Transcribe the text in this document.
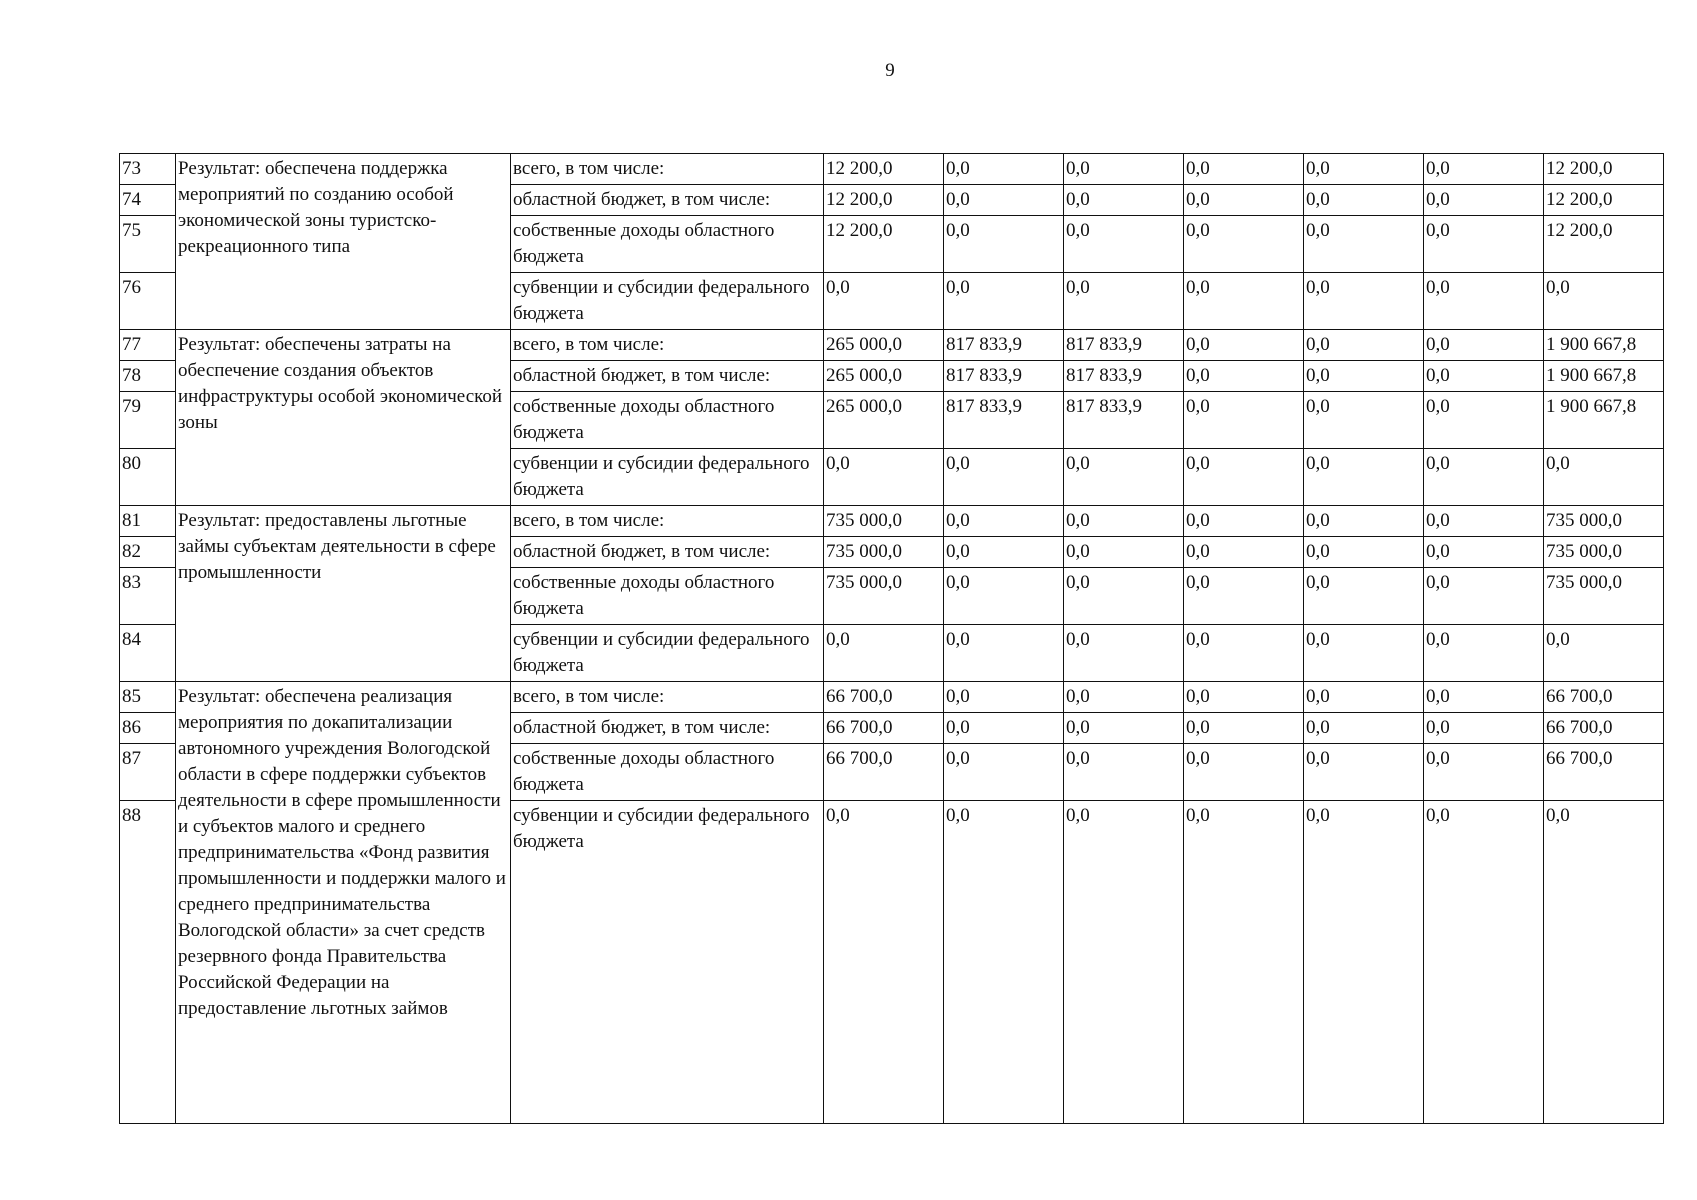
9
73	Результат: обеспечена поддержка мероприятий по созданию особой экономической зоны туристско-рекреационного типа	всего, в том числе:	12 200,0	0,0	0,0	0,0	0,0	0,0	12 200,0
74		областной бюджет, в том числе:	12 200,0	0,0	0,0	0,0	0,0	0,0	12 200,0
75		собственные доходы областного бюджета	12 200,0	0,0	0,0	0,0	0,0	0,0	12 200,0
76		субвенции и субсидии федерального бюджета	0,0	0,0	0,0	0,0	0,0	0,0	0,0
77	Результат: обеспечены затраты на обеспечение создания объектов инфраструктуры особой экономической зоны	всего, в том числе:	265 000,0	817 833,9	817 833,9	0,0	0,0	0,0	1 900 667,8
78		областной бюджет, в том числе:	265 000,0	817 833,9	817 833,9	0,0	0,0	0,0	1 900 667,8
79		собственные доходы областного бюджета	265 000,0	817 833,9	817 833,9	0,0	0,0	0,0	1 900 667,8
80		субвенции и субсидии федерального бюджета	0,0	0,0	0,0	0,0	0,0	0,0	0,0
81	Результат: предоставлены льготные займы субъектам деятельности в сфере промышленности	всего, в том числе:	735 000,0	0,0	0,0	0,0	0,0	0,0	735 000,0
82		областной бюджет, в том числе:	735 000,0	0,0	0,0	0,0	0,0	0,0	735 000,0
83		собственные доходы областного бюджета	735 000,0	0,0	0,0	0,0	0,0	0,0	735 000,0
84		субвенции и субсидии федерального бюджета	0,0	0,0	0,0	0,0	0,0	0,0	0,0
85	Результат: обеспечена реализация мероприятия по докапитализации автономного учреждения Вологодской области в сфере поддержки субъектов деятельности в сфере промышленности и субъектов малого и среднего предпринимательства «Фонд развития промышленности и поддержки малого и среднего предпринимательства Вологодской области» за счет средств резервного фонда Правительства Российской Федерации на предоставление льготных займов	всего, в том числе:	66 700,0	0,0	0,0	0,0	0,0	0,0	66 700,0
86		областной бюджет, в том числе:	66 700,0	0,0	0,0	0,0	0,0	0,0	66 700,0
87		собственные доходы областного бюджета	66 700,0	0,0	0,0	0,0	0,0	0,0	66 700,0
88		субвенции и субсидии федерального бюджета	0,0	0,0	0,0	0,0	0,0	0,0	0,0
